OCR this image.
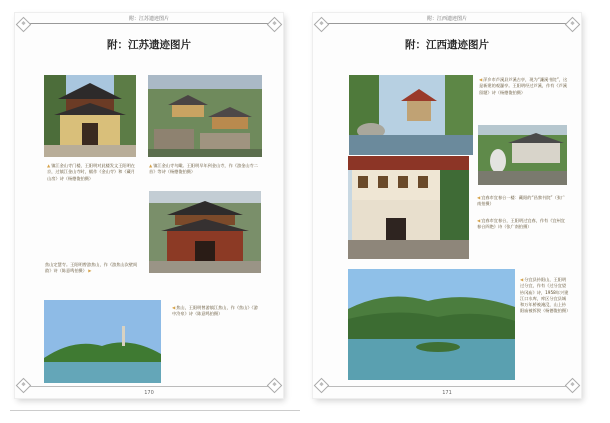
附：江苏遗迹图片
附：江苏遗迹图片
▲镇江金山寺门楼，王阳明对此楼发文王阳明在京，过镇江金山寺时，赋作《金山寺》和《藏月山房》诗（杨德俊拍摄）
▲镇江金山寺鸟瞰。王阳明早年到金山寺，作《游金山寺二首》等诗（杨德俊拍摄）
焦山定慧寺。王阳明曾游焦山，作《游焦山次壁间韵》诗（陈意鸣拍摄） ▶
◀焦山，王阳明曾游镇江焦山，作《焦山》《游中泠泉》诗（陈意鸣拍摄）
170
附：江西遗迹图片
附：江西遗迹图片
◀萍乡市芦溪县芦溪古亭，现为“濂溪书院”，这是新建的观瀑亭。王阳明经过芦溪，作有《芦溪留题》诗（杨德俊拍摄）
◀宜春市宜春台一楼：藏阳的“昌黎书院”（张广南拍摄）
◀宜春市宜春台，王阳明过宜春，作有《宜州宜春台四绝》诗（张广南拍摄）
◀分宜县钤阳山，王阳明过分宜，作有《过分宜望钤冈庙》诗，1958年兴建江口水库，库区分宜县城和万年桥被淹没，山上钤阳庙被拆毁（杨德俊拍摄）
171
